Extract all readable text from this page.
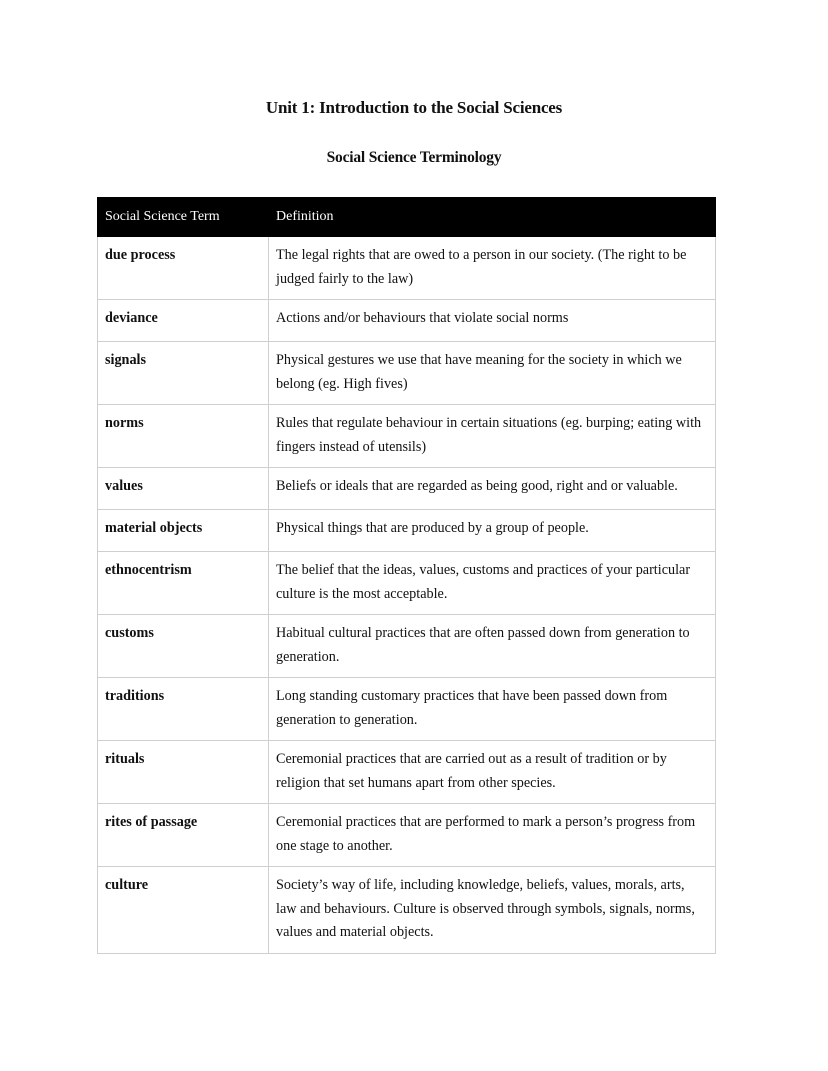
Unit 1: Introduction to the Social Sciences
Social Science Terminology
Social Science Term	Definition
due process	The legal rights that are owed to a person in our society. (The right to be judged fairly to the law)
deviance	Actions and/or behaviours that violate social norms
signals	Physical gestures we use that have meaning for the society in which we belong (eg. High fives)
norms	Rules that regulate behaviour in certain situations (eg. burping; eating with fingers instead of utensils)
values	Beliefs or ideals that are regarded as being good, right and or valuable.
material objects	Physical things that are produced by a group of people.
ethnocentrism	The belief that the ideas, values, customs and practices of your particular culture is the most acceptable.
customs	Habitual cultural practices that are often passed down from generation to generation.
traditions	Long standing customary practices that have been passed down from generation to generation.
rituals	Ceremonial practices that are carried out as a result of tradition or by religion that set humans apart from other species.
rites of passage	Ceremonial practices that are performed to mark a person’s progress from one stage to another.
culture	Society’s way of life, including knowledge, beliefs, values, morals, arts, law and behaviours. Culture is observed through symbols, signals, norms, values and material objects.
